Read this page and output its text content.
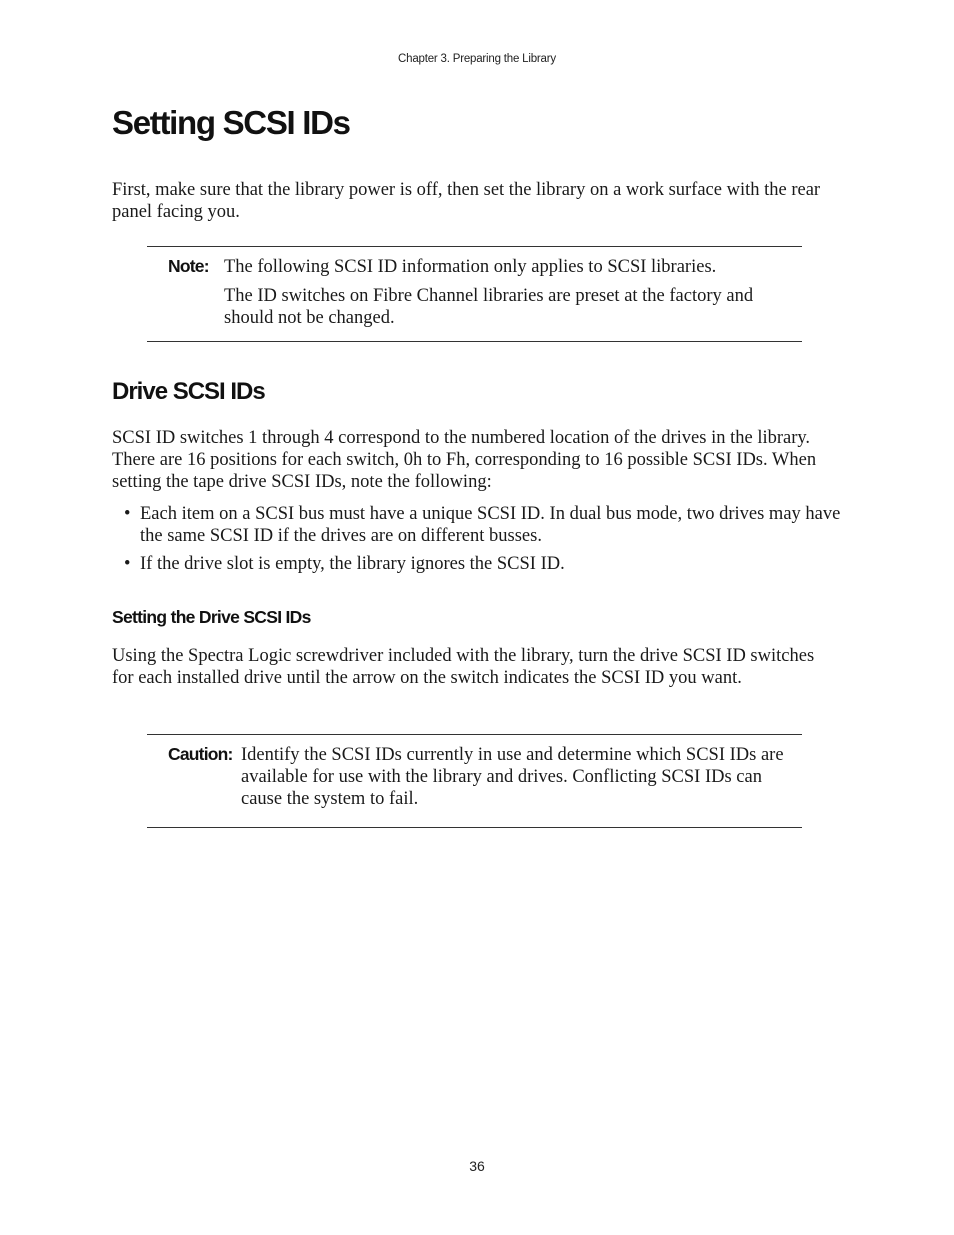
Chapter 3. Preparing the Library
Setting SCSI IDs

First, make sure that the library power is off, then set the library on a work surface with the rear panel facing you.

Note: The following SCSI ID information only applies to SCSI libraries.

The ID switches on Fibre Channel libraries are preset at the factory and should not be changed.

Drive SCSI IDs

SCSI ID switches 1 through 4 correspond to the numbered location of the drives in the library. There are 16 positions for each switch, 0h to Fh, corresponding to 16 possible SCSI IDs. When setting the tape drive SCSI IDs, note the following:

• Each item on a SCSI bus must have a unique SCSI ID. In dual bus mode, two drives may have the same SCSI ID if the drives are on different busses.

• If the drive slot is empty, the library ignores the SCSI ID.

Setting the Drive SCSI IDs

Using the Spectra Logic screwdriver included with the library, turn the drive SCSI ID switches for each installed drive until the arrow on the switch indicates the SCSI ID you want.

Caution: Identify the SCSI IDs currently in use and determine which SCSI IDs are available for use with the library and drives. Conflicting SCSI IDs can cause the system to fail.

36
